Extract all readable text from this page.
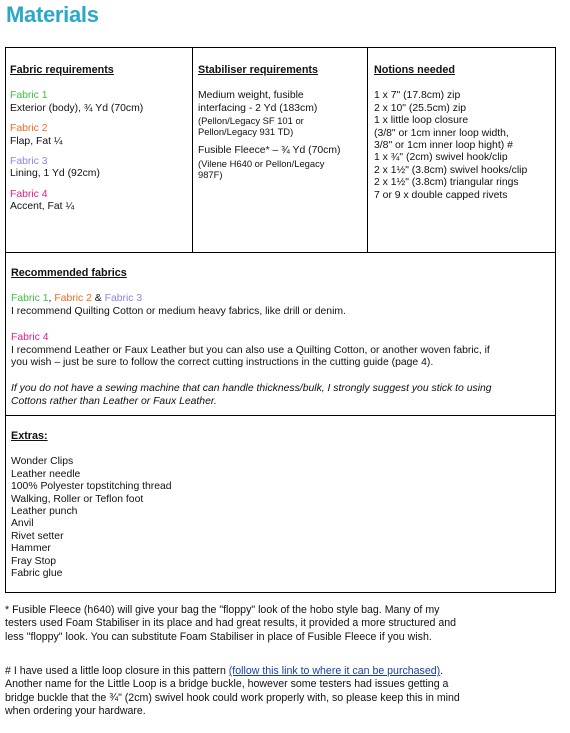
Materials

Fabric requirements

Fabric 1

Exterior (body), ¾ Yd (70cm)

Fabric 2

Flap, Fat ¼

Fabric 3

Lining, 1 Yd (92cm)

Fabric 4

Accent, Fat ¼

Stabiliser requirements

Medium weight, fusible

interfacing - 2 Yd (183cm)

(Pellon/Legacy SF 101 or

Pellon/Legacy 931 TD)

Fusible Fleece* – ¾ Yd (70cm)

(Vilene H640 or Pellon/Legacy

987F)

Notions needed

1 x 7" (17.8cm) zip

2 x 10" (25.5cm) zip

1 x little loop closure

(3/8" or 1cm inner loop width,

3/8" or 1cm inner loop hight) #

1 x ¾" (2cm) swivel hook/clip

2 x 1½" (3.8cm) swivel hooks/clip

2 x 1½" (3.8cm) triangular rings

7 or 9 x double capped rivets

Recommended fabrics

Fabric 1, Fabric 2 & Fabric 3

I recommend Quilting Cotton or medium heavy fabrics, like drill or denim.

Fabric 4

I recommend Leather or Faux Leather but you can also use a Quilting Cotton, or another woven fabric, if

you wish – just be sure to follow the correct cutting instructions in the cutting guide (page 4).

If you do not have a sewing machine that can handle thickness/bulk, I strongly suggest you stick to using

Cottons rather than Leather or Faux Leather.

Extras:

Wonder Clips

Leather needle

100% Polyester topstitching thread

Walking, Roller or Teflon foot

Leather punch

Anvil

Rivet setter

Hammer

Fray Stop

Fabric glue

* Fusible Fleece (h640) will give your bag the "floppy" look of the hobo style bag. Many of my

testers used Foam Stabiliser in its place and had great results, it provided a more structured and

less "floppy" look. You can substitute Foam Stabiliser in place of Fusible Fleece if you wish.

# I have used a little loop closure in this pattern (follow this link to where it can be purchased).

Another name for the Little Loop is a bridge buckle, however some testers had issues getting a

bridge buckle that the ¾" (2cm) swivel hook could work properly with, so please keep this in mind

when ordering your hardware.
